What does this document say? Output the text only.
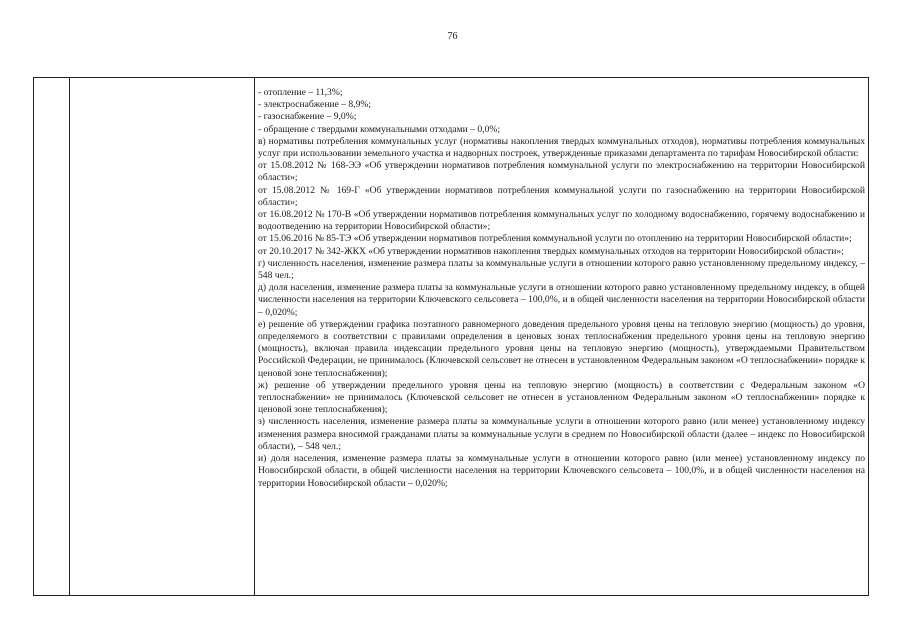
76

- отопление – 11,3%;

- электроснабжение – 8,9%;

- газоснабжение – 9,0%;

- обращение с твердыми коммунальными отходами – 0,0%;

в) нормативы потребления коммунальных услуг (нормативы накопления твердых коммунальных отходов), нормативы потребления коммунальных услуг при использовании земельного участка и надворных построек, утвержденные приказами департамента по тарифам Новосибирской области:

от 15.08.2012 № 168-ЭЭ «Об утверждении нормативов потребления коммунальной услуги по электроснабжению на территории Новосибирской области»;

от 15.08.2012 № 169-Г «Об утверждении нормативов потребления коммунальной услуги по газоснабжению на территории Новосибирской области»;

от 16.08.2012 № 170-В «Об утверждении нормативов потребления коммунальных услуг по холодному водоснабжению, горячему водоснабжению и водоотведению на территории Новосибирской области»;

от 15.06.2016 № 85-ТЭ «Об утверждении нормативов потребления коммунальной услуги по отоплению на территории Новосибирской области»;

от 20.10.2017 № 342-ЖКХ «Об утверждении нормативов накопления твердых коммунальных отходов на территории Новосибирской области»;

г) численность населения, изменение размера платы за коммунальные услуги в отношении которого равно установленному предельному индексу, – 548 чел.;

д) доля населения, изменение размера платы за коммунальные услуги в отношении которого равно установленному предельному индексу, в общей численности населения на территории Ключевского сельсовета – 100,0%, и в общей численности населения на территории Новосибирской области – 0,020%;

е) решение об утверждении графика поэтапного равномерного доведения предельного уровня цены на тепловую энергию (мощность) до уровня, определяемого в соответствии с правилами определения в ценовых зонах теплоснабжения предельного уровня цены на тепловую энергию (мощность), включая правила индексации предельного уровня цены на тепловую энергию (мощность), утверждаемыми Правительством Российской Федерации, не принималось (Ключевской сельсовет не отнесен в установленном Федеральным законом «О теплоснабжении» порядке к ценовой зоне теплоснабжения);

ж) решение об утверждении предельного уровня цены на тепловую энергию (мощность) в соответствии с Федеральным законом «О теплоснабжении» не принималось (Ключевской сельсовет не отнесен в установленном Федеральным законом «О теплоснабжении» порядке к ценовой зоне теплоснабжения);

з) численность населения, изменение размера платы за коммунальные услуги в отношении которого равно (или менее) установленному индексу изменения размера вносимой гражданами платы за коммунальные услуги в среднем по Новосибирской области (далее – индекс по Новосибирской области), – 548 чел.;

и) доля населения, изменение размера платы за коммунальные услуги в отношении которого равно (или менее) установленному индексу по Новосибирской области, в общей численности населения на территории Ключевского сельсовета – 100,0%, и в общей численности населения на территории Новосибирской области – 0,020%;
